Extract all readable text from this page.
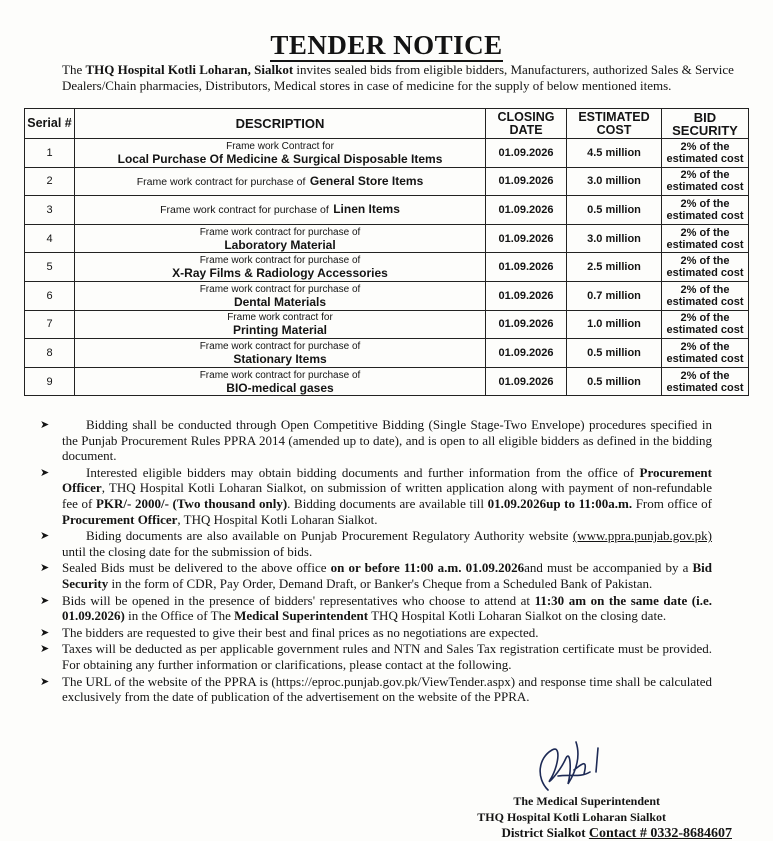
TENDER NOTICE

The THQ Hospital Kotli Loharan, Sialkot invites sealed bids from eligible bidders, Manufacturers, authorized Sales & Service Dealers/Chain pharmacies, Distributors, Medical stores in case of medicine for the supply of below mentioned items.

Serial #	DESCRIPTION	CLOSING DATE	ESTIMATED COST	BID SECURITY
1	Frame work Contract for
Local Purchase Of Medicine & Surgical Disposable Items	01.09.2026	4.5 million	2% of the
estimated cost
2	Frame work contract for purchase of General Store Items	01.09.2026	3.0 million	2% of the
estimated cost
3	Frame work contract for purchase of Linen Items	01.09.2026	0.5 million	2% of the
estimated cost
4	Frame work contract for purchase of
Laboratory Material	01.09.2026	3.0 million	2% of the
estimated cost
5	Frame work contract for purchase of
X-Ray Films & Radiology Accessories	01.09.2026	2.5 million	2% of the
estimated cost
6	Frame work contract for purchase of
Dental Materials	01.09.2026	0.7 million	2% of the
estimated cost
7	Frame work contract for
Printing Material	01.09.2026	1.0 million	2% of the
estimated cost
8	Frame work contract for purchase of
Stationary Items	01.09.2026	0.5 million	2% of the
estimated cost
9	Frame work contract for purchase of
BIO-medical gases	01.09.2026	0.5 million	2% of the
estimated cost

➤	Bidding shall be conducted through Open Competitive Bidding (Single Stage-Two Envelope) procedures specified in the Punjab Procurement Rules PPRA 2014 (amended up to date), and is open to all eligible bidders as defined in the bidding document.

➤	Interested eligible bidders may obtain bidding documents and further information from the office of Procurement Officer, THQ Hospital Kotli Loharan Sialkot, on submission of written application along with payment of non-refundable fee of PKR/- 2000/- (Two thousand only). Bidding documents are available till 01.09.2026up to 11:00a.m. From office of Procurement Officer, THQ Hospital Kotli Loharan Sialkot.

➤	Biding documents are also available on Punjab Procurement Regulatory Authority website (www.ppra.punjab.gov.pk) until the closing date for the submission of bids.

➤ Sealed Bids must be delivered to the above office on or before 11:00 a.m. 01.09.2026and must be accompanied by a Bid Security in the form of CDR, Pay Order, Demand Draft, or Banker's Cheque from a Scheduled Bank of Pakistan.

➤ Bids will be opened in the presence of bidders' representatives who choose to attend at 11:30 am on the same date (i.e. 01.09.2026) in the Office of The Medical Superintendent THQ Hospital Kotli Loharan Sialkot on the closing date.

➤ The bidders are requested to give their best and final prices as no negotiations are expected.

➤ Taxes will be deducted as per applicable government rules and NTN and Sales Tax registration certificate must be provided. For obtaining any further information or clarifications, please contact at the following.

➤ The URL of the website of the PPRA is (https://eproc.punjab.gov.pk/ViewTender.aspx) and response time shall be calculated exclusively from the date of publication of the advertisement on the website of the PPRA.

The Medical Superintendent
THQ Hospital Kotli Loharan Sialkot
District Sialkot Contact # 0332-8684607
